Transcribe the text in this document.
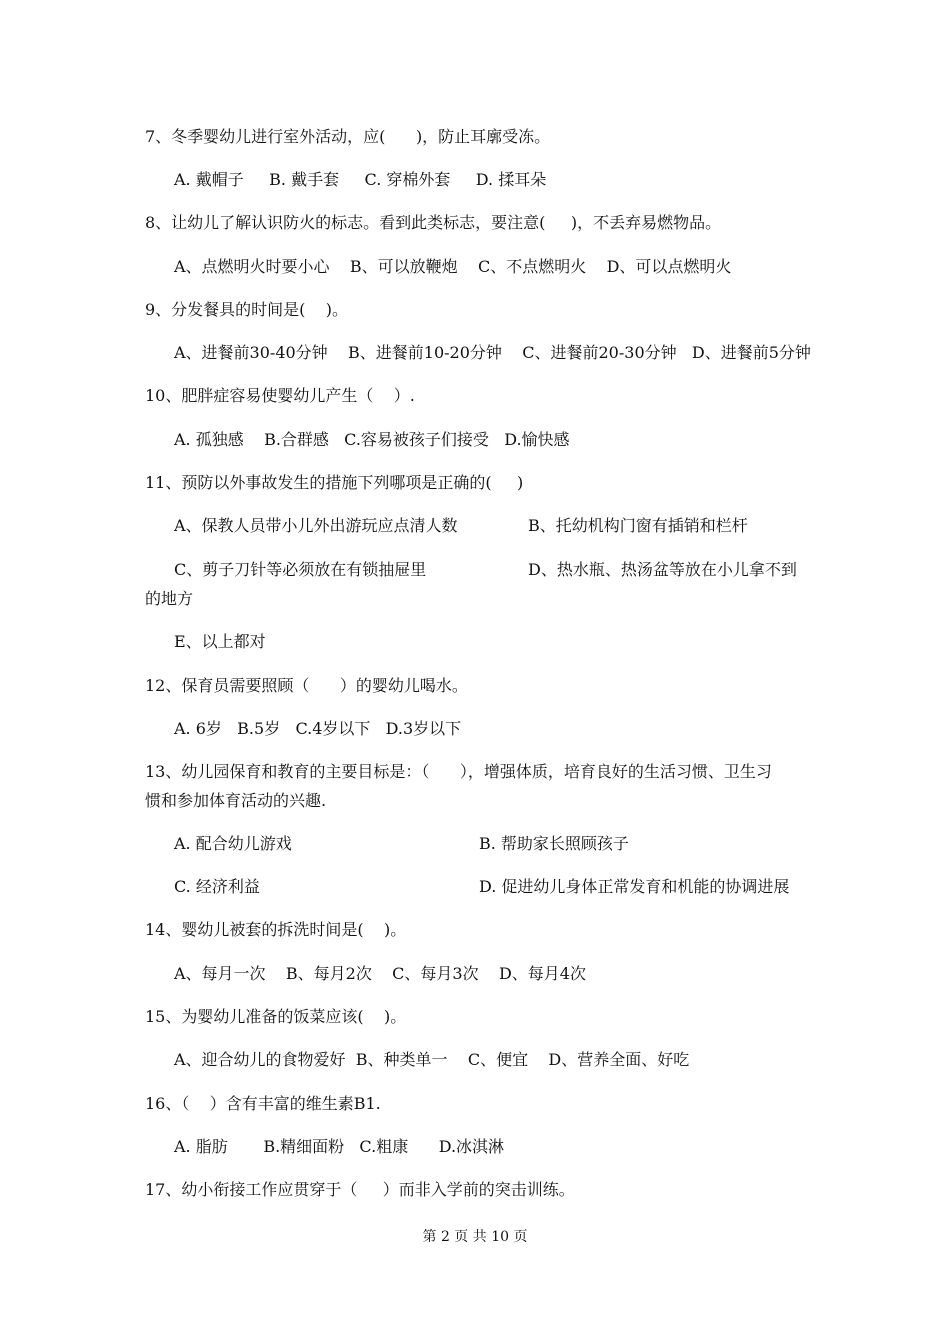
7、冬季婴幼儿进行室外活动，应(      )，防止耳廓受冻。

A. 戴帽子     B. 戴手套     C. 穿棉外套     D. 揉耳朵

8、让幼儿了解认识防火的标志。看到此类标志，要注意(     )，不丢弃易燃物品。

A、点燃明火时要小心    B、可以放鞭炮    C、不点燃明火    D、可以点燃明火

9、分发餐具的时间是(    )。

A、进餐前30-40分钟    B、进餐前10-20分钟    C、进餐前20-30分钟   D、进餐前5分钟

10、肥胖症容易使婴幼儿产生（    ）.

A. 孤独感    B.合群感   C.容易被孩子们接受   D.愉快感

11、预防以外事故发生的措施下列哪项是正确的(     )

A、保教人员带小儿外出游玩应点清人数	B、托幼机构门窗有插销和栏杆

C、剪子刀针等必须放在有锁抽屉里	D、热水瓶、热汤盆等放在小儿拿不到

的地方

E、以上都对

12、保育员需要照顾（      ）的婴幼儿喝水。

A. 6岁   B.5岁   C.4岁以下   D.3岁以下

13、幼儿园保育和教育的主要目标是：（      ），增强体质，培育良好的生活习惯、卫生习

惯和参加体育活动的兴趣.

A. 配合幼儿游戏	B. 帮助家长照顾孩子

C. 经济利益	D. 促进幼儿身体正常发育和机能的协调进展

14、婴幼儿被套的拆洗时间是(    )。

A、每月一次    B、每月2次    C、每月3次    D、每月4次

15、为婴幼儿准备的饭菜应该(    )。

A、迎合幼儿的食物爱好  B、种类单一    C、便宜    D、营养全面、好吃

16、（    ）含有丰富的维生素B1.

A. 脂肪       B.精细面粉   C.粗康      D.冰淇淋

17、幼小衔接工作应贯穿于（     ）而非入学前的突击训练。

第 2 页 共 10 页
